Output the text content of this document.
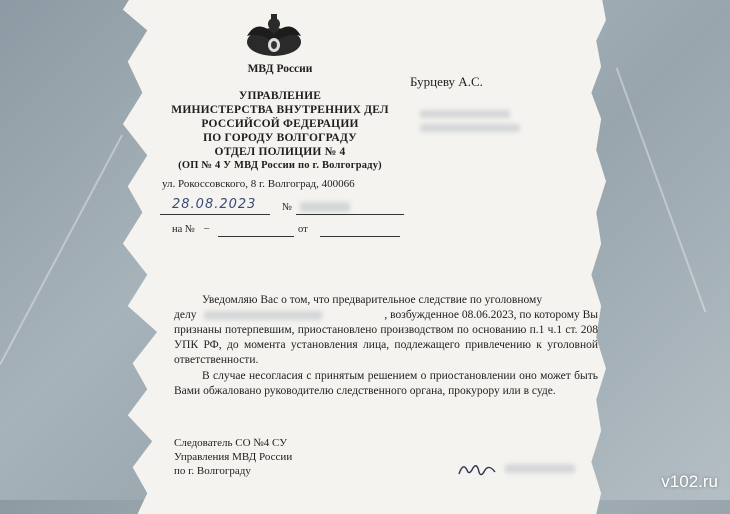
МВД России
УПРАВЛЕНИЕ
МИНИСТЕРСТВА ВНУТРЕННИХ ДЕЛ
РОССИЙСОЙ ФЕДЕРАЦИИ
ПО ГОРОДУ ВОЛГОГРАДУ
ОТДЕЛ ПОЛИЦИИ № 4
(ОП № 4 У МВД России по г. Волгограду)
ул. Рокоссовского, 8 г. Волгоград, 400066
Бурцеву А.С.
28.08.2023 №
на № –	от
Уведомляю Вас о том, что предварительное следствие по уголовному
делу	, возбужденное 08.06.2023, по которому Вы
признаны потерпевшим, приостановлено производством по основанию п.1 ч.1 ст. 208 УПК РФ, до момента установления лица, подлежащего привлечению к уголовной ответственности.
В случае несогласия с принятым решением о приостановлении оно может быть Вами обжаловано руководителю следственного органа, прокурору или в суде.
Следователь СО №4 СУ
Управления МВД России
по г. Волгограду
v102.ru
